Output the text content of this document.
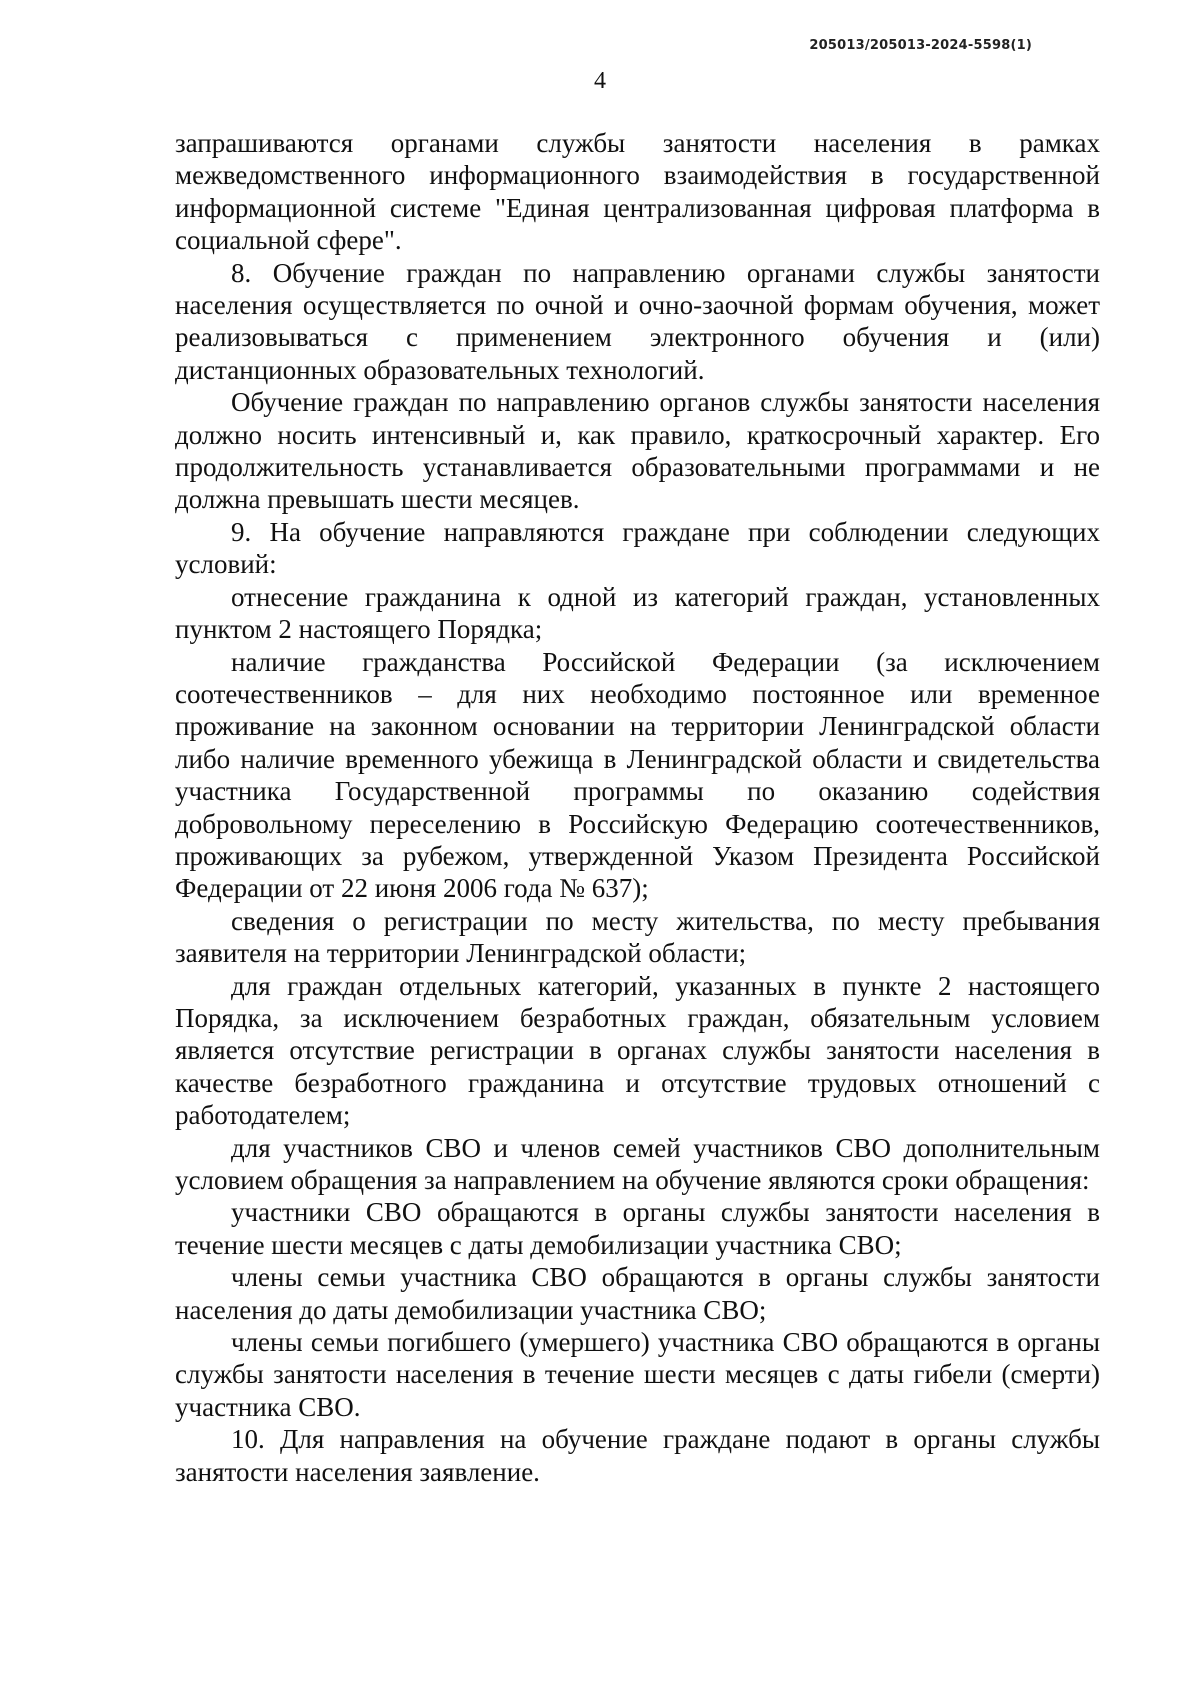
205013/205013-2024-5598(1)
4

запрашиваются органами службы занятости населения в рамках межведомственного информационного взаимодействия в государственной информационной системе "Единая централизованная цифровая платформа в социальной сфере".

8. Обучение граждан по направлению органами службы занятости населения осуществляется по очной и очно-заочной формам обучения, может реализовываться с применением электронного обучения и (или) дистанционных образовательных технологий.

Обучение граждан по направлению органов службы занятости населения должно носить интенсивный и, как правило, краткосрочный характер. Его продолжительность устанавливается образовательными программами и не должна превышать шести месяцев.

9. На обучение направляются граждане при соблюдении следующих условий:

отнесение гражданина к одной из категорий граждан, установленных пунктом 2 настоящего Порядка;

наличие гражданства Российской Федерации (за исключением соотечественников – для них необходимо постоянное или временное проживание на законном основании на территории Ленинградской области либо наличие временного убежища в Ленинградской области и свидетельства участника Государственной программы по оказанию содействия добровольному переселению в Российскую Федерацию соотечественников, проживающих за рубежом, утвержденной Указом Президента Российской Федерации от 22 июня 2006 года № 637);

сведения о регистрации по месту жительства, по месту пребывания заявителя на территории Ленинградской области;

для граждан отдельных категорий, указанных в пункте 2 настоящего Порядка, за исключением безработных граждан, обязательным условием является отсутствие регистрации в органах службы занятости населения в качестве безработного гражданина и отсутствие трудовых отношений с работодателем;

для участников СВО и членов семей участников СВО дополнительным условием обращения за направлением на обучение являются сроки обращения:

участники СВО обращаются в органы службы занятости населения в течение шести месяцев с даты демобилизации участника СВО;

члены семьи участника СВО обращаются в органы службы занятости населения до даты демобилизации участника СВО;

члены семьи погибшего (умершего) участника СВО обращаются в органы службы занятости населения в течение шести месяцев с даты гибели (смерти) участника СВО.

10. Для направления на обучение граждане подают в органы службы занятости населения заявление.
